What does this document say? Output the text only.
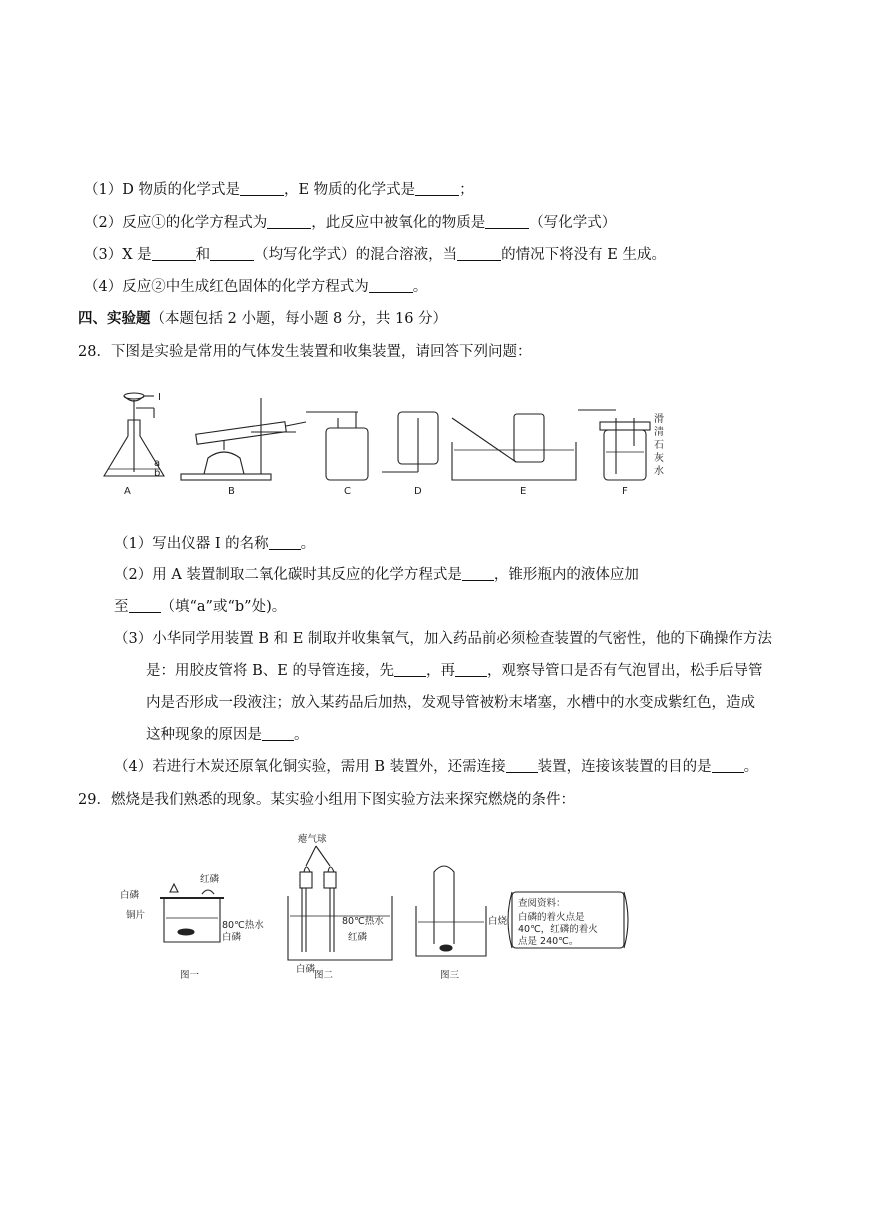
（1）D 物质的化学式是	，E 物质的化学式是	；
（2）反应①的化学方程式为	，此反应中被氧化的物质是	（写化学式）
（3）X 是	和	（均写化学式）的混合溶液，当	的情况下将没有 E 生成。
（4）反应②中生成红色固体的化学方程式为	。
四、实验题（本题包括 2 小题，每小题 8 分，共 16 分）
28．下图是实验是常用的气体发生装置和收集装置，请回答下列问题：
I
a
b
A	B	C	D	E	F
滑
清
石
灰
水
（1）写出仪器 I 的名称 。
（2）用 A 装置制取二氧化碳时其反应的化学方程式是 ，锥形瓶内的液体应加
至 （填“a”或“b”处)。
（3）小华同学用装置 B 和 E 制取并收集氧气，加入药品前必须检查装置的气密性，他的下确操作方法
是：用胶皮管将 B、E 的导管连接，先 ，再 ，观察导管口是否有气泡冒出，松手后导管
内是否形成一段液注；放入某药品后加热，发观导管被粉末堵塞，水槽中的水变成紫红色，造成
这种现象的原因是 。
（4）若进行木炭还原氧化铜实验，需用 B 装置外，还需连接 装置，连接该装置的目的是 。
29．燃烧是我们熟悉的现象。某实验小组用下图实验方法来探究燃烧的条件：
白磷
红磷
铜片
80℃热水
白磷
瘪气球
80℃热水
红磷
白磷
白烧
查阅资料：
白磷的着火点是
40℃，红磷的着火
点是 240℃。
图一	图二	图三
